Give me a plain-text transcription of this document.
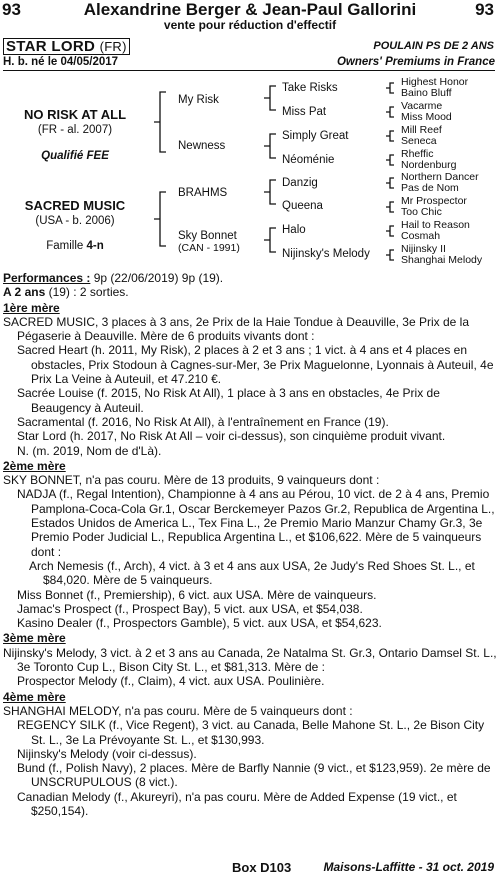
93	Alexandrine Berger & Jean-Paul Gallorini	93
vente pour réduction d'effectif
STAR LORD (FR)	POULAIN PS DE 2 ANS
H. b. né le 04/05/2017	Owners' Premiums in France
NO RISK AT ALL
(FR - al. 2007)
Qualifié FEE
SACRED MUSIC
(USA - b. 2006)
Famille 4-n
My Risk
Newness
BRAHMS
Sky Bonnet
(CAN - 1991)
Take Risks
Miss Pat
Simply Great
Néoménie
Danzig
Queena
Halo
Nijinsky's Melody
Highest Honor
Baino Bluff
Vacarme
Miss Mood
Mill Reef
Seneca
Rheffic
Nordenburg
Northern Dancer
Pas de Nom
Mr Prospector
Too Chic
Hail to Reason
Cosmah
Nijinsky II
Shanghai Melody

Performances : 9p (22/06/2019) 9p (19).

A 2 ans (19) : 2 sorties.

1ère mère

SACRED MUSIC, 3 places à 3 ans, 2e Prix de la Haie Tondue à Deauville, 3e Prix de la Pégaserie à Deauville. Mère de 6 produits vivants dont :

Sacred Heart (h. 2011, My Risk), 2 places à 2 et 3 ans ; 1 vict. à 4 ans et 4 places en obstacles, Prix Stodoun à Cagnes-sur-Mer, 3e Prix Maguelonne, Lyonnais à Auteuil, 4e Prix La Veine à Auteuil, et 47.210 €.

Sacrée Louise (f. 2015, No Risk At All), 1 place à 3 ans en obstacles, 4e Prix de Beaugency à Auteuil.

Sacramental (f. 2016, No Risk At All), à l'entraînement en France (19).

Star Lord (h. 2017, No Risk At All – voir ci-dessus), son cinquième produit vivant.

N. (m. 2019, Nom de d'Là).

2ème mère

SKY BONNET, n'a pas couru. Mère de 13 produits, 9 vainqueurs dont :

NADJA (f., Regal Intention), Championne à 4 ans au Pérou, 10 vict. de 2 à 4 ans, Premio Pamplona-Coca-Cola Gr.1, Oscar Berckemeyer Pazos Gr.2, Republica de Argentina L., Estados Unidos de America L., Tex Fina L., 2e Premio Mario Manzur Chamy Gr.3, 3e Premio Poder Judicial L., Republica Argentina L., et $106,622. Mère de 5 vainqueurs dont :

Arch Nemesis (f., Arch), 4 vict. à 3 et 4 ans aux USA, 2e Judy's Red Shoes St. L., et $84,020. Mère de 5 vainqueurs.

Miss Bonnet (f., Premiership), 6 vict. aux USA. Mère de vainqueurs.

Jamac's Prospect (f., Prospect Bay), 5 vict. aux USA, et $54,038.

Kasino Dealer (f., Prospectors Gamble), 5 vict. aux USA, et $54,623.

3ème mère

Nijinsky's Melody, 3 vict. à 2 et 3 ans au Canada, 2e Natalma St. Gr.3, Ontario Damsel St. L., 3e Toronto Cup L., Bison City St. L., et $81,313. Mère de :

Prospector Melody (f., Claim), 4 vict. aux USA. Poulinière.

4ème mère

SHANGHAI MELODY, n'a pas couru. Mère de 5 vainqueurs dont :

REGENCY SILK (f., Vice Regent), 3 vict. au Canada, Belle Mahone St. L., 2e Bison City St. L., 3e La Prévoyante St. L., et $130,993.

Nijinsky's Melody (voir ci-dessus).

Bund (f., Polish Navy), 2 places. Mère de Barfly Nannie (9 vict., et $123,959). 2e mère de UNSCRUPULOUS (8 vict.).

Canadian Melody (f., Akureyri), n'a pas couru. Mère de Added Expense (19 vict., et $250,154).

Box D103	Maisons-Laffitte - 31 oct. 2019
